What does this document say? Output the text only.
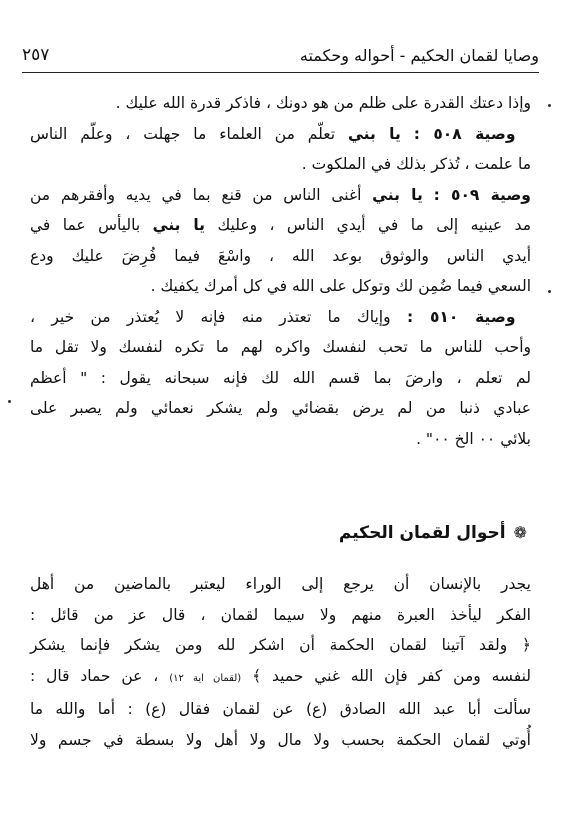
وصايا لقمان الحكيم - أحواله وحكمته
٢٥٧
وإذا دعتك القدرة على ظلم من هو دونك ، فاذكر قدرة الله عليك .
 وصية ٥٠٨ : يا بني تعلّم من العلماء ما جهلت ، وعلّم الناس
ما علمت ، تُذكر بذلك في الملكوت .
وصية ٥٠٩ : يا بني أغنى الناس من قنع بما في يديه وأفقرهم من
مد عينيه إلى ما في أيدي الناس ، وعليك يا بني باليأس عما في
أيدي الناس والوثوق بوعد الله ، واسْعَ فيما فُرِضَ عليك ودع
السعي فيما ضُمِن لك وتوكل على الله في كل أمرك يكفيك .
 وصية ٥١٠ : وإياك ما تعتذر منه فإنه لا يُعتذر من خير ،
وأحب للناس ما تحب لنفسك واكره لهم ما تكره لنفسك ولا تقل ما
لم تعلم ، وارضَ بما قسم الله لك فإنه سبحانه يقول : " أعظم
عبادي ذنبا من لم يرض بقضائي ولم يشكر نعمائي ولم يصبر على
بلائي ٠٠ الخ ٠٠" .
❁
أحوال لقمان الحكيم
يجدر بالإنسان أن يرجع إلى الوراء ليعتبر بالماضين من أهل
الفكر ليأخذ العبرة منهم ولا سيما لقمان ، قال عز من قائل :
﴿ ولقد آتينا لقمان الحكمة أن اشكر لله ومن يشكر فإنما يشكر
لنفسه ومن كفر فإن الله غني حميد ﴾ (لقمان اية ١٢) ، عن حماد قال :
سألت أبا عبد الله الصادق (ع) عن لقمان فقال (ع) : أما والله ما
أُوتي لقمان الحكمة بحسب ولا مال ولا أهل ولا بسطة في جسم ولا
